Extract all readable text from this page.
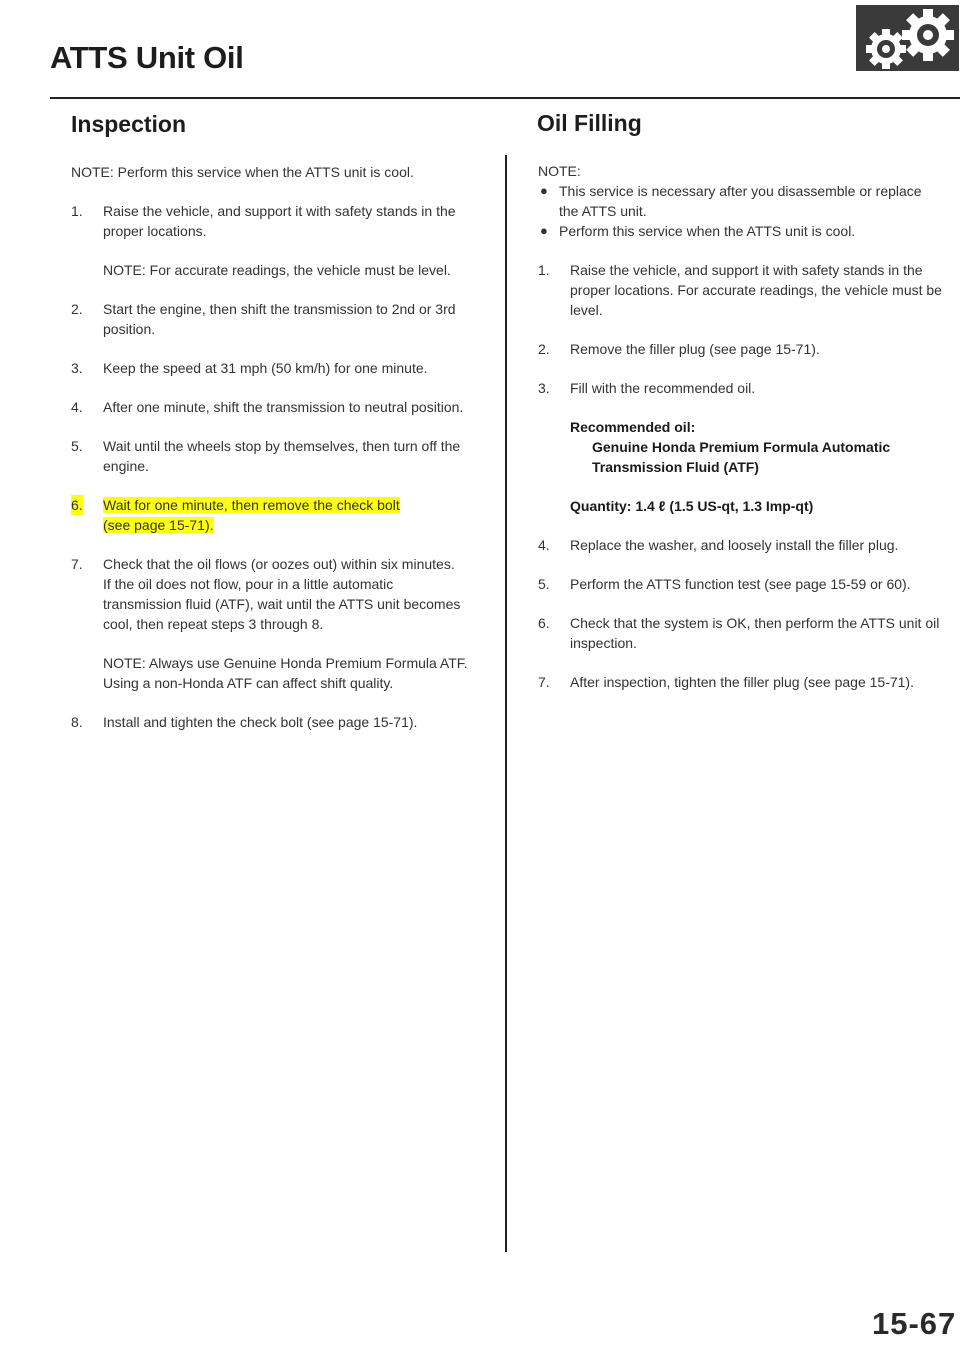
ATTS Unit Oil
Inspection

NOTE: Perform this service when the ATTS unit is cool.

1. Raise the vehicle, and support it with safety stands in the proper locations.

NOTE: For accurate readings, the vehicle must be level.

2. Start the engine, then shift the transmission to 2nd or 3rd position.

3. Keep the speed at 31 mph (50 km/h) for one minute.

4. After one minute, shift the transmission to neutral position.

5. Wait until the wheels stop by themselves, then turn off the engine.

6. Wait for one minute, then remove the check bolt

(see page 15-71).

7. Check that the oil flows (or oozes out) within six minutes.

If the oil does not flow, pour in a little automatic transmission fluid (ATF), wait until the ATTS unit becomes cool, then repeat steps 3 through 8.

NOTE: Always use Genuine Honda Premium Formula ATF. Using a non-Honda ATF can affect shift quality.

8. Install and tighten the check bolt (see page 15-71).

Oil Filling

NOTE:

● This service is necessary after you disassemble or replace the ATTS unit.

● Perform this service when the ATTS unit is cool.

1. Raise the vehicle, and support it with safety stands in the proper locations. For accurate readings, the vehicle must be level.

2. Remove the filler plug (see page 15-71).

3. Fill with the recommended oil.

Recommended oil:

Genuine Honda Premium Formula Automatic Transmission Fluid (ATF)

Quantity: 1.4 ℓ (1.5 US-qt, 1.3 Imp-qt)

4. Replace the washer, and loosely install the filler plug.

5. Perform the ATTS function test (see page 15-59 or 60).

6. Check that the system is OK, then perform the ATTS unit oil inspection.

7. After inspection, tighten the filler plug (see page 15-71).

15-67
